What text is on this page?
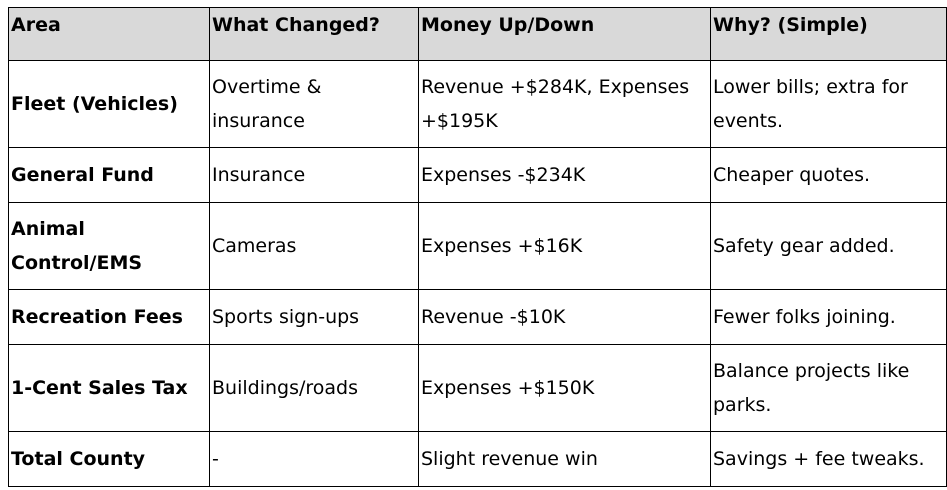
Area	What Changed?	Money Up/Down	Why? (Simple)

Fleet (Vehicles)	Overtime & insurance	Revenue +$284K, Expenses +$195K	Lower bills; extra for events.
General Fund	Insurance	Expenses -$234K	Cheaper quotes.
Animal Control/EMS	Cameras	Expenses +$16K	Safety gear added.
Recreation Fees	Sports sign-ups	Revenue -$10K	Fewer folks joining.
1-Cent Sales Tax	Buildings/roads	Expenses +$150K	Balance projects like parks.
Total County	-	Slight revenue win	Savings + fee tweaks.
